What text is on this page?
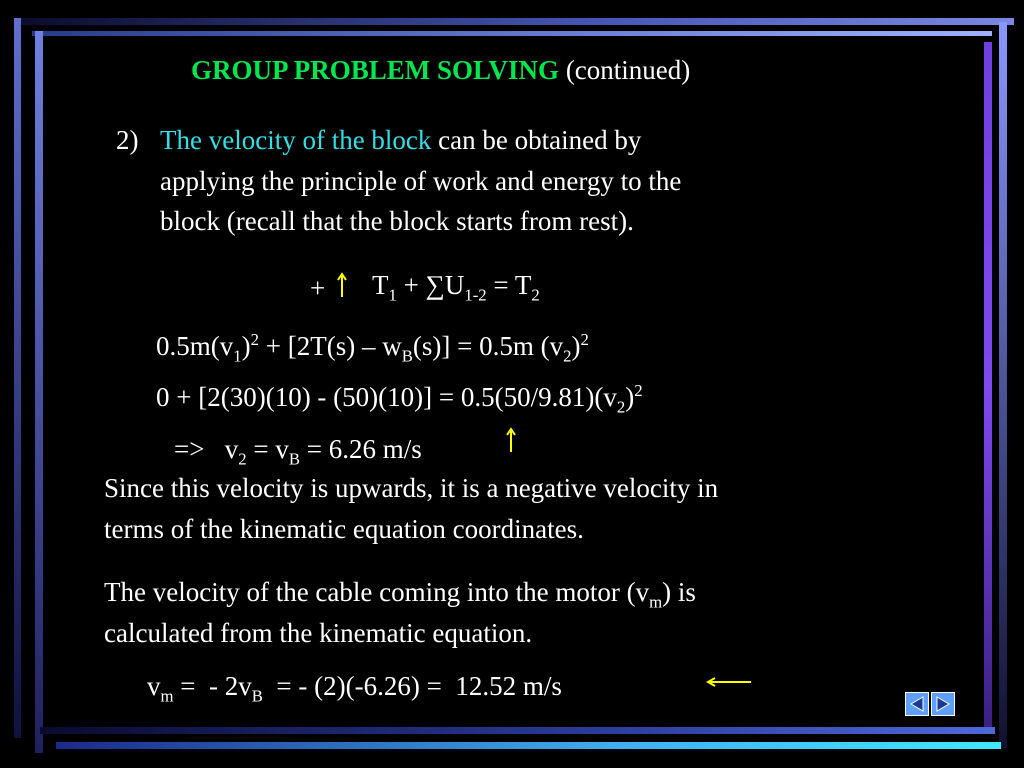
GROUP PROBLEM SOLVING (continued)
2) The velocity of the block can be obtained by
applying the principle of work and energy to the
block (recall that the block starts from rest).
+ $T_1 + \sum U_{1-2} = T_2$
$0.5m(v_1)^2 + [2T(s) - w_B(s)] = 0.5m$ $(v_2)^2$
$0 + [2(30)(10) - (50)(10)] = 0.5(50/9.81)(v_2)^2$
=>   $v_2 = v_B = 6.26$ m/s
Since this velocity is upwards, it is a negative velocity in
terms of the kinematic equation coordinates.
The velocity of the cable coming into the motor $(v_m)$ is
calculated from the kinematic equation.
$v_m$ =  - $2v_B$  = - (2)(-6.26) =  12.52 m/s
